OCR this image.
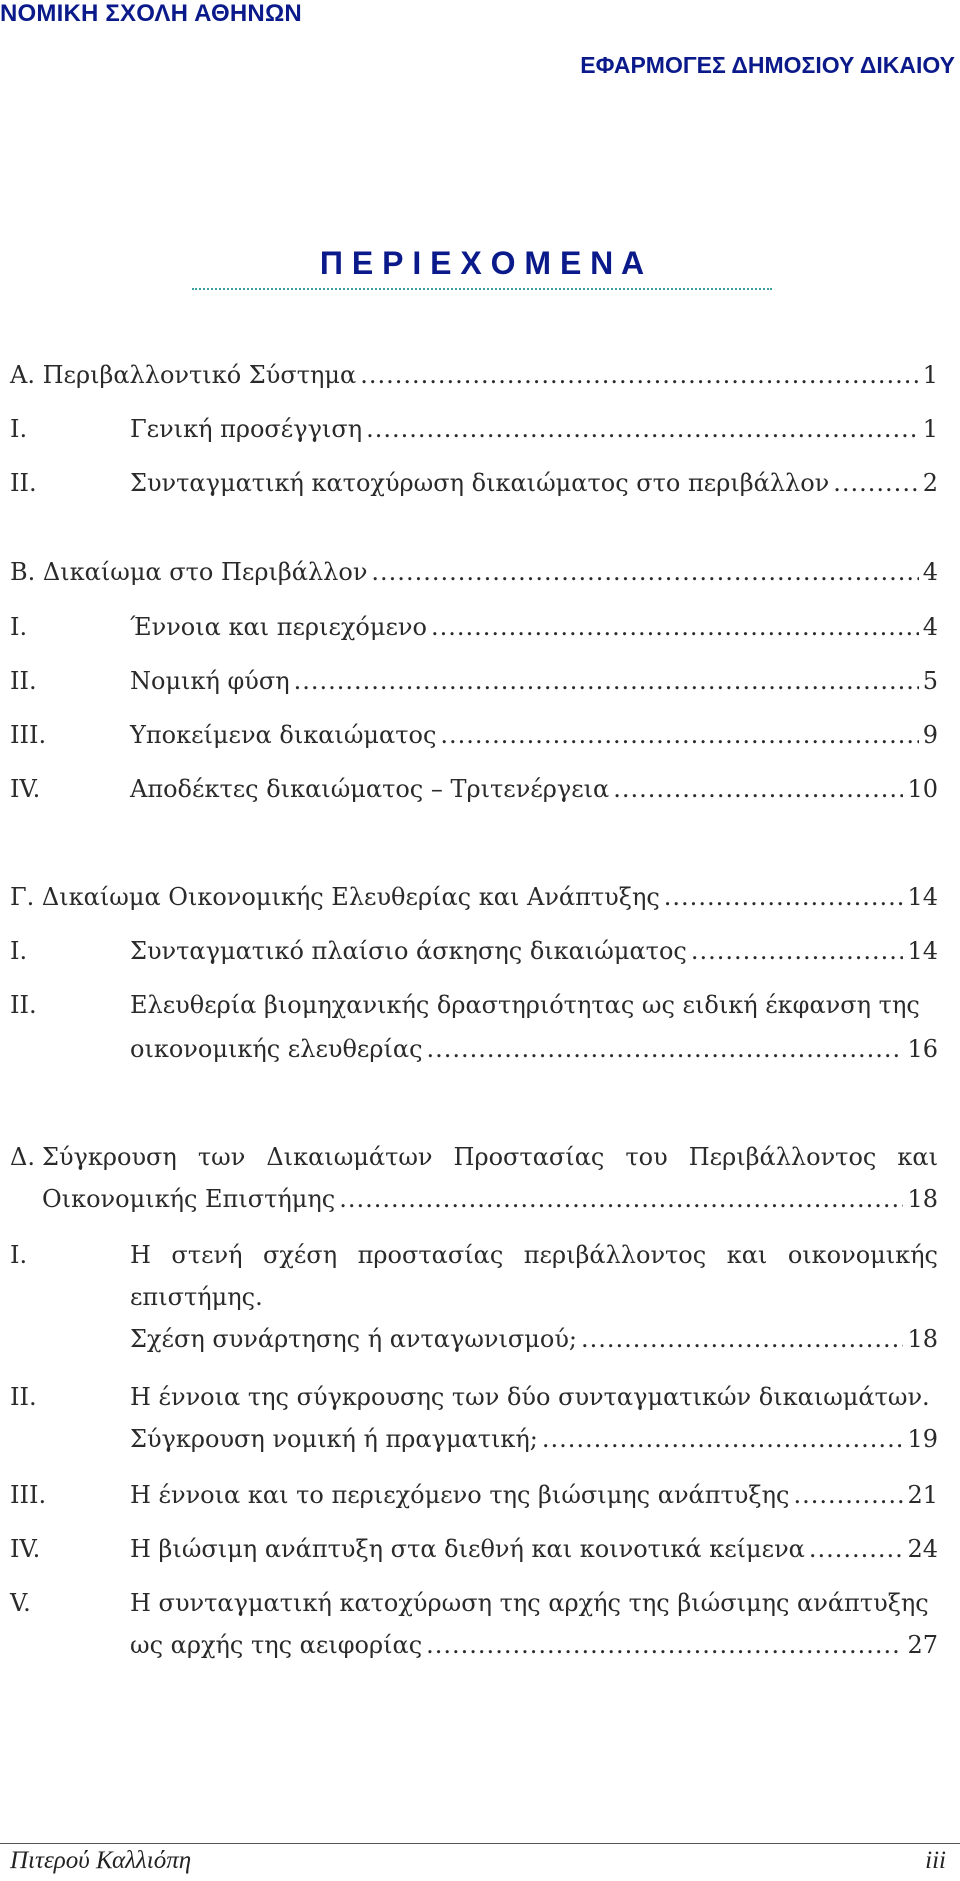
ΝΟΜΙΚΗ ΣΧΟΛΗ ΑΘΗΝΩΝ
ΕΦΑΡΜΟΓΕΣ ΔΗΜΟΣΙΟΥ ΔΙΚΑΙΟΥ
Π Ε Ρ Ι Ε Χ Ο Μ Ε Ν Α
Α. Περιβαλλοντικό Σύστημα .....	1
I.	Γενική προσέγγιση .....	1
II.	Συνταγματική κατοχύρωση δικαιώματος στο περιβάλλον .....	2
Β. Δικαίωμα στο Περιβάλλον .....	4
I.	Έννοια και περιεχόμενο .....	4
II.	Νομική φύση .....	5
III.	Υποκείμενα δικαιώματος .....	9
IV.	Αποδέκτες δικαιώματος – Τριτενέργεια .....	10
Γ. Δικαίωμα Οικονομικής Ελευθερίας και Ανάπτυξης .....	14
I.	Συνταγματικό πλαίσιο άσκησης δικαιώματος .....	14
II.	Ελευθερία βιομηχανικής δραστηριότητας ως ειδική έκφανση της
οικονομικής ελευθερίας .....	16
Δ. Σύγκρουση των Δικαιωμάτων Προστασίας του Περιβάλλοντος και
Οικονομικής Επιστήμης .....	18
I.	Η στενή σχέση προστασίας περιβάλλοντος και οικονομικής
επιστήμης.
Σχέση συνάρτησης ή ανταγωνισμού; .....	18
II.	Η έννοια της σύγκρουσης των δύο συνταγματικών δικαιωμάτων.
Σύγκρουση νομική ή πραγματική; .....	19
III.	Η έννοια και το περιεχόμενο της βιώσιμης ανάπτυξης .....	21
IV.	Η βιώσιμη ανάπτυξη στα διεθνή και κοινοτικά κείμενα .....	24
V.	Η συνταγματική κατοχύρωση της αρχής της βιώσιμης ανάπτυξης
ως αρχής της αειφορίας .....	27
Πιτερού Καλλιόπη	iii
